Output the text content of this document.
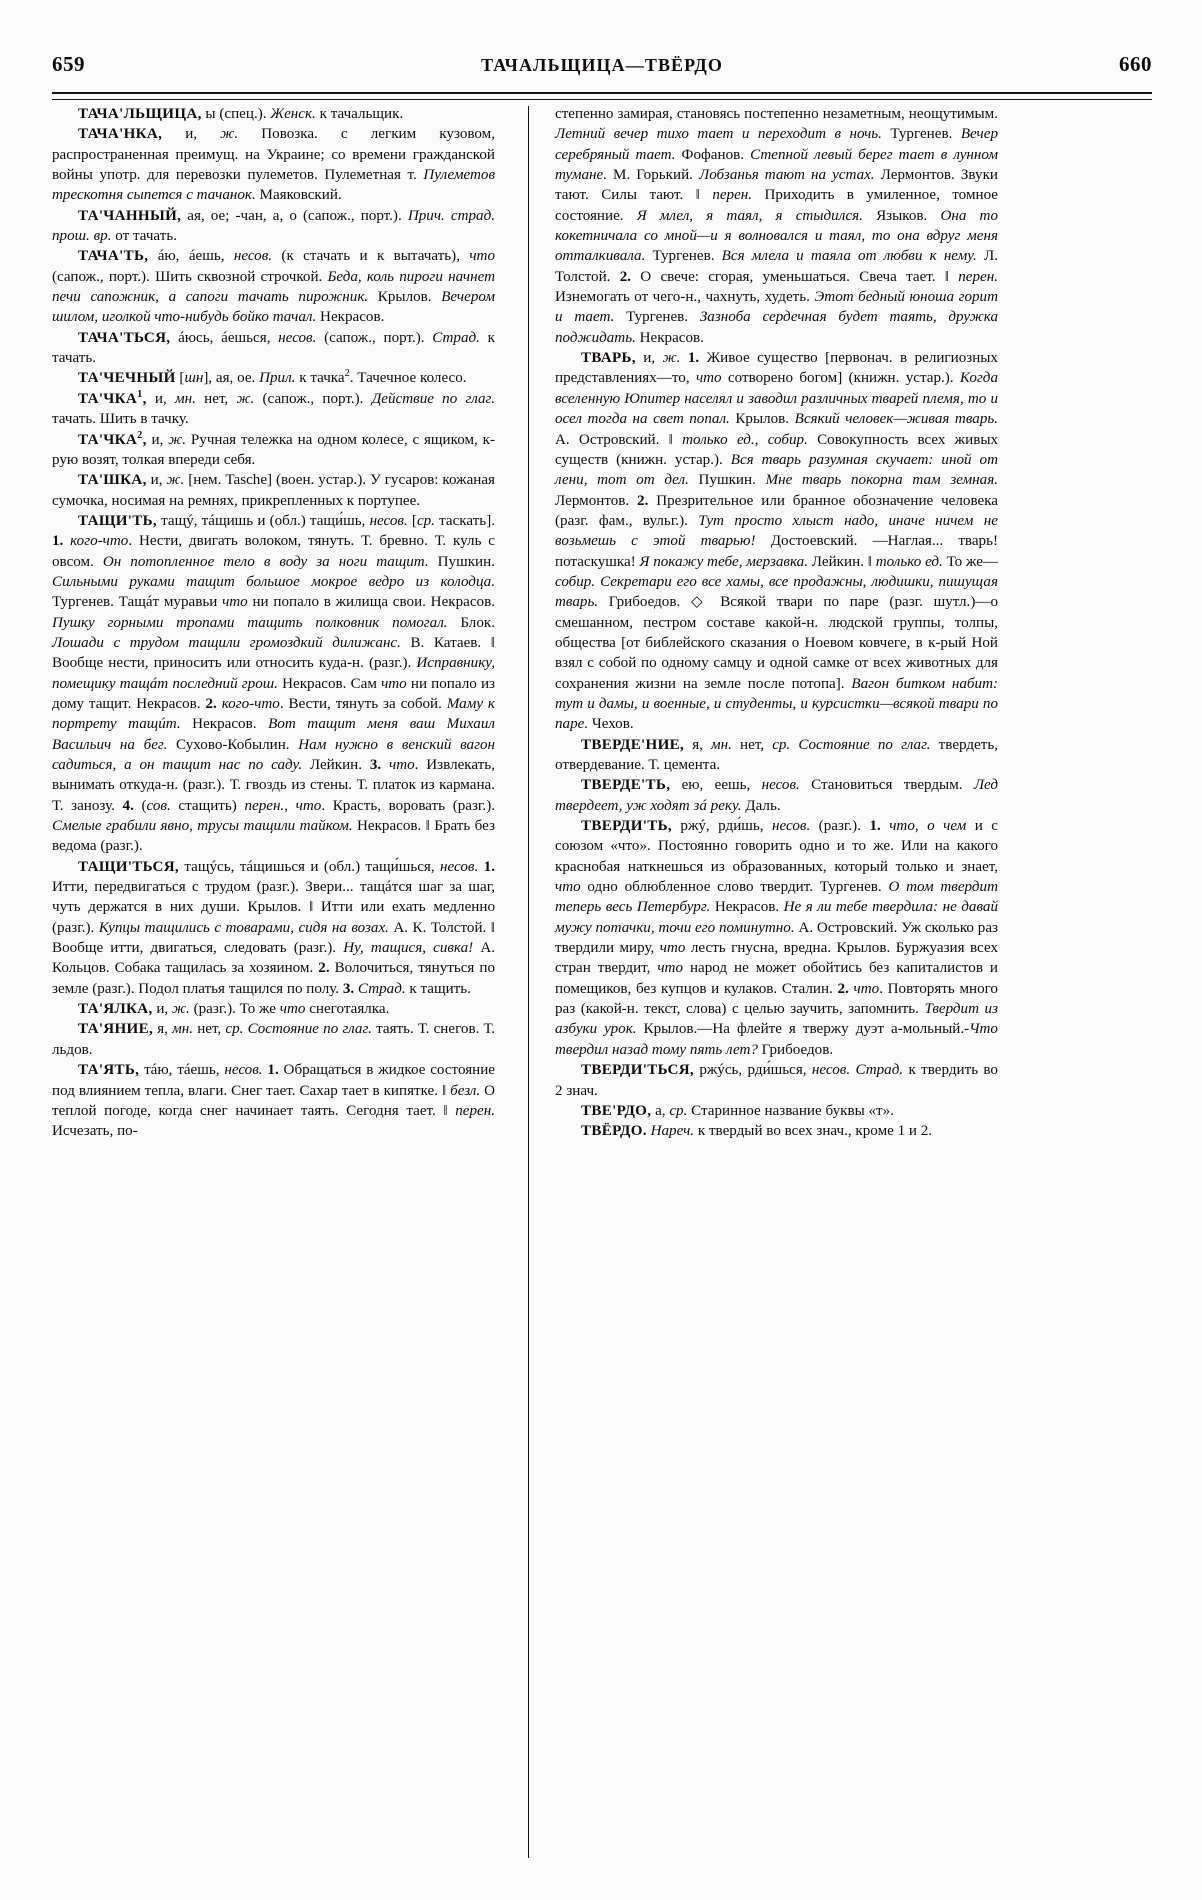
659	ТАЧАЛЬЩИЦА—ТВЁРДО	660

ТАЧА'ЛЬЩИЦА, ы (спец.). Женск. к тачальщик.

ТАЧА'НКА, и, ж. Повозка. с легким кузовом, распространенная преимущ. на Украине; со времени гражданской войны употр. для перевозки пулеметов. Пулеметная т. Пулеметов трескотня сыпется с тачанок. Маяковский.

ТА'ЧАННЫЙ, ая, ое; -чан, а, о (сапож., порт.). Прич. страд. прош. вр. от тачать.

ТАЧА'ТЬ, áю, áешь, несов. (к стачать и к вытачать), что (сапож., порт.). Шить сквозной строчкой. Беда, коль пироги начнет печи сапожник, а сапоги тачать пирожник. Крылов. Вечером шилом, иголкой что-нибудь бойко тачал. Некрасов.

ТАЧА'ТЬСЯ, áюсь, áешься, несов. (сапож., порт.). Страд. к тачать.

ТА'ЧЕЧНЫЙ [шн], ая, ое. Прил. к тачка$^2$. Тачечное колесо.

ТА'ЧКА$^1$, и, мн. нет, ж. (сапож., порт.). Действие по глаг. тачать. Шить в тачку.

ТА'ЧКА$^2$, и, ж. Ручная тележка на одном колесе, с ящиком, к-рую возят, толкая впереди себя.

ТА'ШКА, и, ж. [нем. Tasche] (воен. устар.). У гусаров: кожаная сумочка, носимая на ремнях, прикрепленных к портупее.

ТАЩИ'ТЬ, тащý, тáщишь и (обл.) тащи́шь, несов. [ср. таскать]. 1. кого-что. Нести, двигать волоком, тянуть. Т. бревно. Т. куль с овсом. Он потопленное тело в воду за ноги тащит. Пушкин. Сильными руками тащит большое мокрое ведро из колодца. Тургенев. Тащáт муравьи что ни попало в жилища свои. Некрасов. Пушку горными тропами тащить полковник помогал. Блок. Лошади с трудом тащили громоздкий дилижанс. В. Катаев. ‖ Вообще нести, приносить или относить куда-н. (разг.). Исправнику, помещику тащáт последний грош. Некрасов. Сам что ни попало из дому тащит. Некрасов. 2. кого-что. Вести, тянуть за собой. Маму к портрету тащúт. Некрасов. Вот тащит меня ваш Михаил Васильич на бег. Сухово-Кобылин. Нам нужно в венский вагон садиться, а он тащит нас по саду. Лейкин. 3. что. Извлекать, вынимать откуда-н. (разг.). Т. гвоздь из стены. Т. платок из кармана. Т. занозу. 4. (сов. стащить) перен., что. Красть, воровать (разг.). Смелые грабили явно, трусы тащили тайком. Некрасов. ‖ Брать без ведома (разг.).

ТАЩИ'ТЬСЯ, тащýсь, тáщишься и (обл.) тащи́шься, несов. 1. Итти, передвигаться с трудом (разг.). Звери... тащáтся шаг за шаг, чуть держатся в них души. Крылов. ‖ Итти или ехать медленно (разг.). Купцы тащились с товарами, сидя на возах. А. К. Толстой. ‖ Вообще итти, двигаться, следовать (разг.). Ну, тащися, сивка! А. Кольцов. Собака тащилась за хозяином. 2. Волочиться, тянуться по земле (разг.). Подол платья тащился по полу. 3. Страд. к тащить.

ТА'ЯЛКА, и, ж. (разг.). То же что снеготаялка.

ТА'ЯНИЕ, я, мн. нет, ср. Состояние по глаг. таять. Т. снегов. Т. льдов.

ТА'ЯТЬ, тáю, тáешь, несов. 1. Обращаться в жидкое состояние под влиянием тепла, влаги. Снег тает. Сахар тает в кипятке. ‖ безл. О теплой погоде, когда снег начинает таять. Сегодня тает. ‖ перен. Исчезать, по-

степенно замирая, становясь постепенно незаметным, неощутимым. Летний вечер тихо тает и переходит в ночь. Тургенев. Вечер серебряный тает. Фофанов. Степной левый берег тает в лунном тумане. М. Горький. Лобзанья тают на устах. Лермонтов. Звуки тают. Силы тают. ‖ перен. Приходить в умиленное, томное состояние. Я млел, я таял, я стыдился. Языков. Она то кокетничала со мной—и я волновался и таял, то она вдруг меня отталкивала. Тургенев. Вся млела и таяла от любви к нему. Л. Толстой. 2. О свече: сгорая, уменьшаться. Свеча тает. ‖ перен. Изнемогать от чего-н., чахнуть, худеть. Этот бедный юноша горит и тает. Тургенев. Зазноба сердечная будет таять, дружка поджидать. Некрасов.

ТВАРЬ, и, ж. 1. Живое существо [первонач. в религиозных представлениях—то, что сотворено богом] (книжн. устар.). Когда вселенную Юпитер населял и заводил различных тварей племя, то и осел тогда на свет попал. Крылов. Всякий человек—живая тварь. А. Островский. ‖ только ед., собир. Совокупность всех живых существ (книжн. устар.). Вся тварь разумная скучает: иной от лени, тот от дел. Пушкин. Мне тварь покорна там земная. Лермонтов. 2. Презрительное или бранное обозначение человека (разг. фам., вульг.). Тут просто хлыст надо, иначе ничем не возьмешь с этой тварью! Достоевский. —Наглая... тварь! потаскушка! Я покажу тебе, мерзавка. Лейкин. ‖ только ед. То же—собир. Секретари его все хамы, все продажны, людишки, пишущая тварь. Грибоедов. ◇ Всякой твари по паре (разг. шутл.)—о смешанном, пестром составе какой-н. людской группы, толпы, общества [от библейского сказания о Ноевом ковчеге, в к-рый Ной взял с собой по одному самцу и одной самке от всех животных для сохранения жизни на земле после потопа]. Вагон битком набит: тут и дамы, и военные, и студенты, и курсистки—всякой твари по паре. Чехов.

ТВЕРДЕ'НИЕ, я, мн. нет, ср. Состояние по глаг. твердеть, отвердевание. Т. цемента.

ТВЕРДЕ'ТЬ, ею, еешь, несов. Становиться твердым. Лед твердеет, уж ходят зá реку. Даль.

ТВЕРДИ'ТЬ, ржý, рди́шь, несов. (разг.). 1. что, о чем и с союзом «что». Постоянно говорить одно и то же. Или на какого краснобая наткнешься из образованных, который только и знает, что одно облюбленное слово твердит. Тургенев. О том твердит теперь весь Петербург. Некрасов. Не я ли тебе твердила: не давай мужу потачки, точи его поминутно. А. Островский. Уж сколько раз твердили миру, что лесть гнусна, вредна. Крылов. Буржуазия всех стран твердит, что народ не может обойтись без капиталистов и помещиков, без купцов и кулаков. Сталин. 2. что. Повторять много раз (какой-н. текст, слова) с целью заучить, запомнить. Твердит из азбуки урок. Крылов.—На флейте я твержу дуэт а-мольный.-Что твердил назад тому пять лет? Грибоедов.

ТВЕРДИ'ТЬСЯ, ржýсь, рди́шься, несов. Страд. к твердить во 2 знач.

ТВЕ'РДО, а, ср. Старинное название буквы «т».

ТВЁРДО. Нареч. к твердый во всех знач., кроме 1 и 2.
